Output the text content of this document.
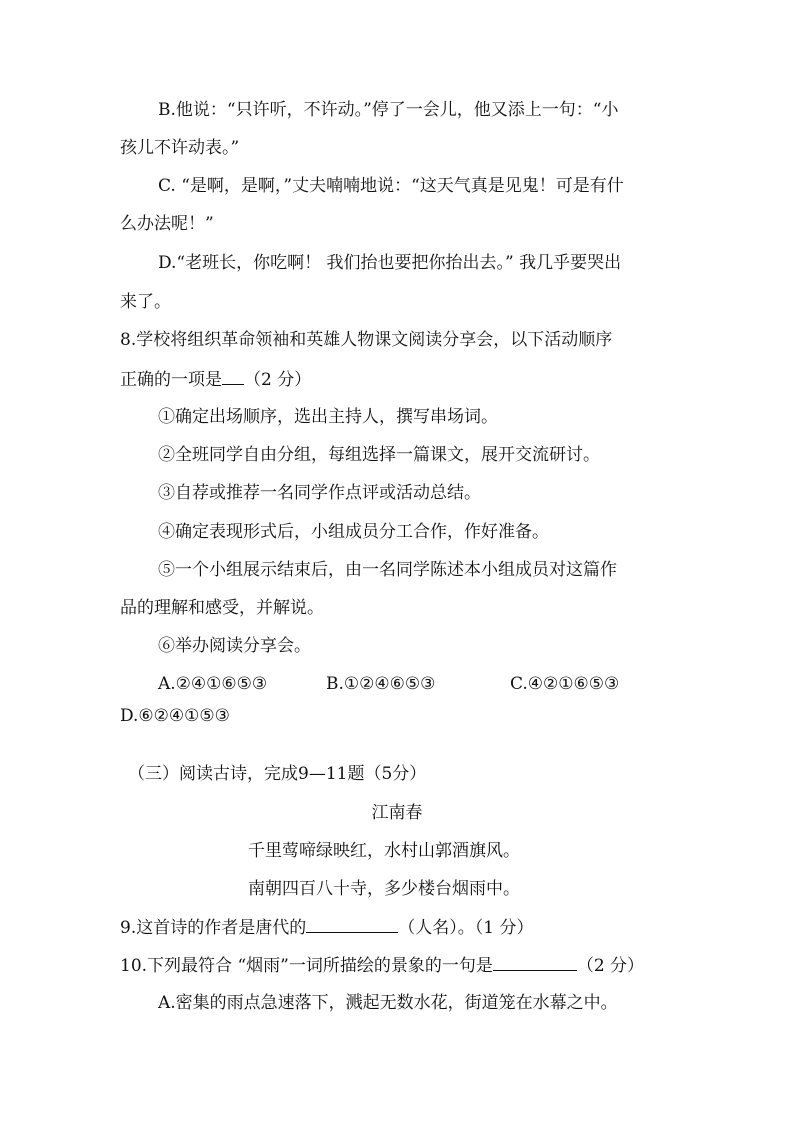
B.他说：“只许听，不许动。”停了一会儿，他又添上一句：“小

孩儿不许动表。”

C. “是啊，是啊，”丈夫喃喃地说：“这天气真是见鬼！可是有什

么办法呢！”

D.“老班长，你吃啊！ 我们抬也要把你抬出去。” 我几乎要哭出

来了。

8.学校将组织革命领袖和英雄人物课文阅读分享会，以下活动顺序

正确的一项是 （2 分）

①确定出场顺序，选出主持人，撰写串场词。

②全班同学自由分组，每组选择一篇课文，展开交流研讨。

③自荐或推荐一名同学作点评或活动总结。

④确定表现形式后，小组成员分工合作，作好准备。

⑤一个小组展示结束后，由一名同学陈述本小组成员对这篇作

品的理解和感受，并解说。

⑥举办阅读分享会。

A.②④①⑥⑤③	B.①②④⑥⑤③	C.④②①⑥⑤③

D.⑥②④①⑤③

（三）阅读古诗，完成9—11题（5分）

江南春

千里莺啼绿映红，水村山郭酒旗风。

南朝四百八十寺，多少楼台烟雨中。

9.这首诗的作者是唐代的	（人名）。（1 分）

10.下列最符合 “烟雨”一词所描绘的景象的一句是	（2 分）

A.密集的雨点急速落下，溅起无数水花，街道笼在水幕之中。
